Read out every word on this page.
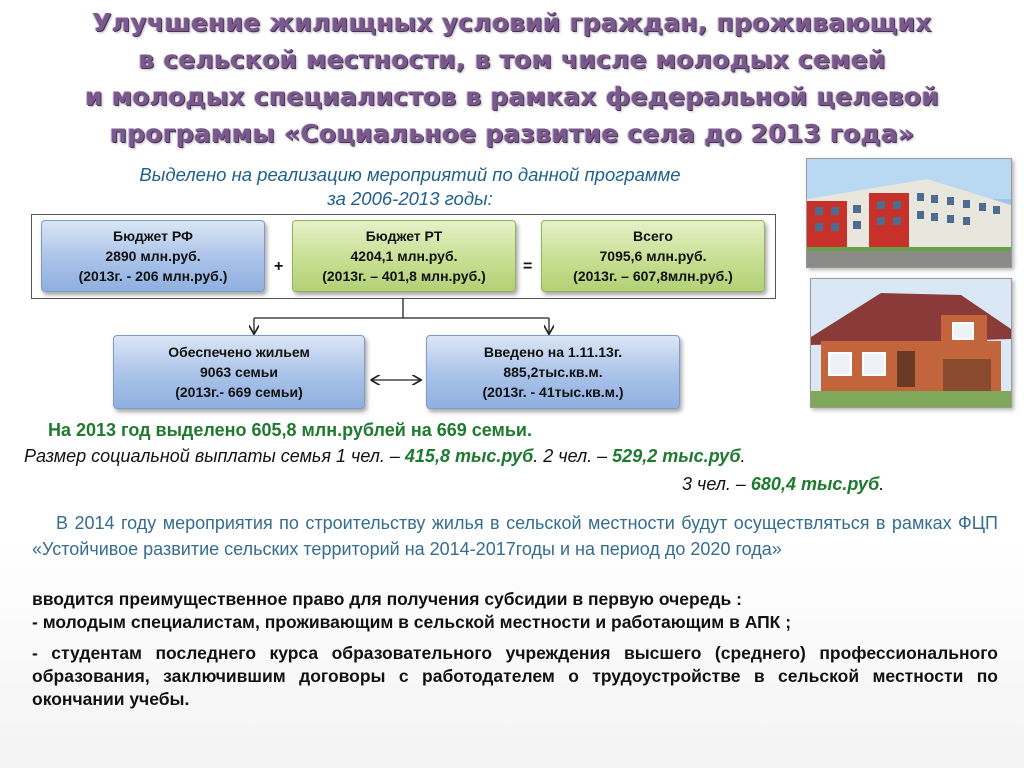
Улучшение жилищных условий граждан, проживающих
в сельской местности, в том числе молодых семей
и молодых специалистов в рамках федеральной целевой
программы «Социальное развитие села до 2013 года»
Выделено на реализацию мероприятий по данной программе
за 2006-2013 годы:
Бюджет РФ
2890 млн.руб.
(2013г. - 206 млн.руб.)
+
Бюджет РТ
4204,1 млн.руб.
(2013г. – 401,8 млн.руб.)
=
Всего
7095,6 млн.руб.
(2013г. – 607,8млн.руб.)
Обеспечено жильем
9063 семьи
(2013г.- 669 семьи)
Введено на 1.11.13г.
885,2тыс.кв.м.
(2013г. - 41тыс.кв.м.)
На 2013 год выделено 605,8 млн.рублей на 669 семьи.
Размер социальной выплаты семья 1 чел. – 415,8 тыс.руб. 2 чел. – 529,2 тыс.руб.
3 чел. – 680,4 тыс.руб.
В 2014 году мероприятия по строительству жилья в сельской местности будут осуществляться в рамках ФЦП «Устойчивое развитие сельских территорий на 2014-2017годы и на период до 2020 года»

вводится преимущественное право для получения субсидии в первую очередь :

- молодым специалистам, проживающим в сельской местности и работающим в АПК ;

- студентам последнего курса образовательного учреждения высшего (среднего) профессионального образования, заключившим договоры с работодателем о трудоустройстве в сельской местности по окончании учебы.
